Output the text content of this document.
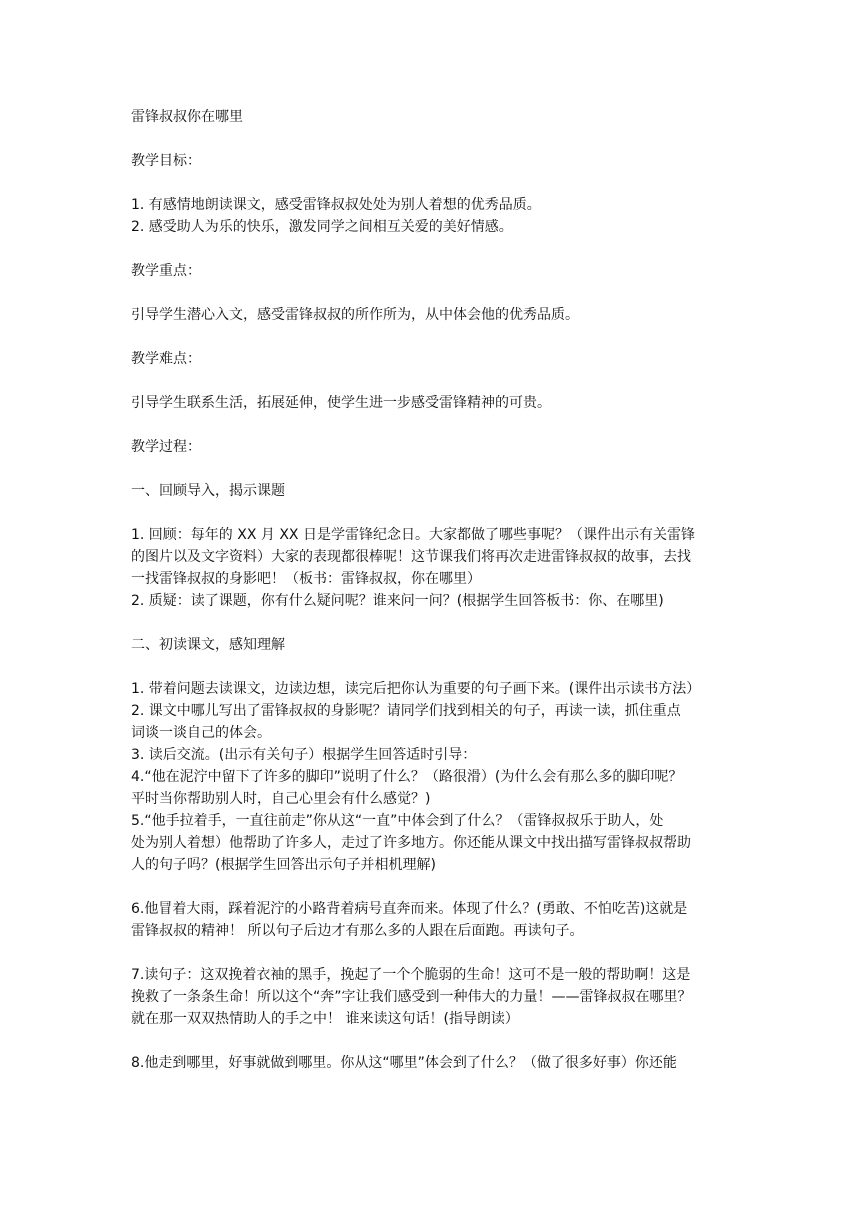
雷锋叔叔你在哪里

教学目标：

1. 有感情地朗读课文，感受雷锋叔叔处处为别人着想的优秀品质。

2. 感受助人为乐的快乐，激发同学之间相互关爱的美好情感。

教学重点：

引导学生潜心入文，感受雷锋叔叔的所作所为，从中体会他的优秀品质。

教学难点：

引导学生联系生活，拓展延伸，使学生进一步感受雷锋精神的可贵。

教学过程：

一、回顾导入，揭示课题

1. 回顾：每年的 XX 月 XX 日是学雷锋纪念日。大家都做了哪些事呢？（课件出示有关雷锋

的图片以及文字资料）大家的表现都很棒呢！这节课我们将再次走进雷锋叔叔的故事，去找

一找雷锋叔叔的身影吧！（板书：雷锋叔叔，你在哪里）

2. 质疑：读了课题，你有什么疑问呢？谁来问一问？(根据学生回答板书：你、在哪里)

二、初读课文，感知理解

1. 带着问题去读课文，边读边想，读完后把你认为重要的句子画下来。(课件出示读书方法）

2. 课文中哪儿写出了雷锋叔叔的身影呢？请同学们找到相关的句子，再读一读，抓住重点

词谈一谈自己的体会。

3. 读后交流。(出示有关句子）根据学生回答适时引导：

4.“他在泥泞中留下了许多的脚印”说明了什么？（路很滑）(为什么会有那么多的脚印呢？

平时当你帮助别人时，自己心里会有什么感觉？)

5.“他手拉着手，一直往前走”你从这“一直”中体会到了什么？（雷锋叔叔乐于助人，处

处为别人着想）他帮助了许多人，走过了许多地方。你还能从课文中找出描写雷锋叔叔帮助

人的句子吗？(根据学生回答出示句子并相机理解)

6.他冒着大雨，踩着泥泞的小路背着病号直奔而来。体现了什么？(勇敢、不怕吃苦)这就是

雷锋叔叔的精神！ 所以句子后边才有那么多的人跟在后面跑。再读句子。

7.读句子：这双挽着衣袖的黑手，挽起了一个个脆弱的生命！这可不是一般的帮助啊！这是

挽救了一条条生命！所以这个“奔”字让我们感受到一种伟大的力量！——雷锋叔叔在哪里？

就在那一双双热情助人的手之中！ 谁来读这句话！(指导朗读）

8.他走到哪里，好事就做到哪里。你从这“哪里”体会到了什么？（做了很多好事）你还能
